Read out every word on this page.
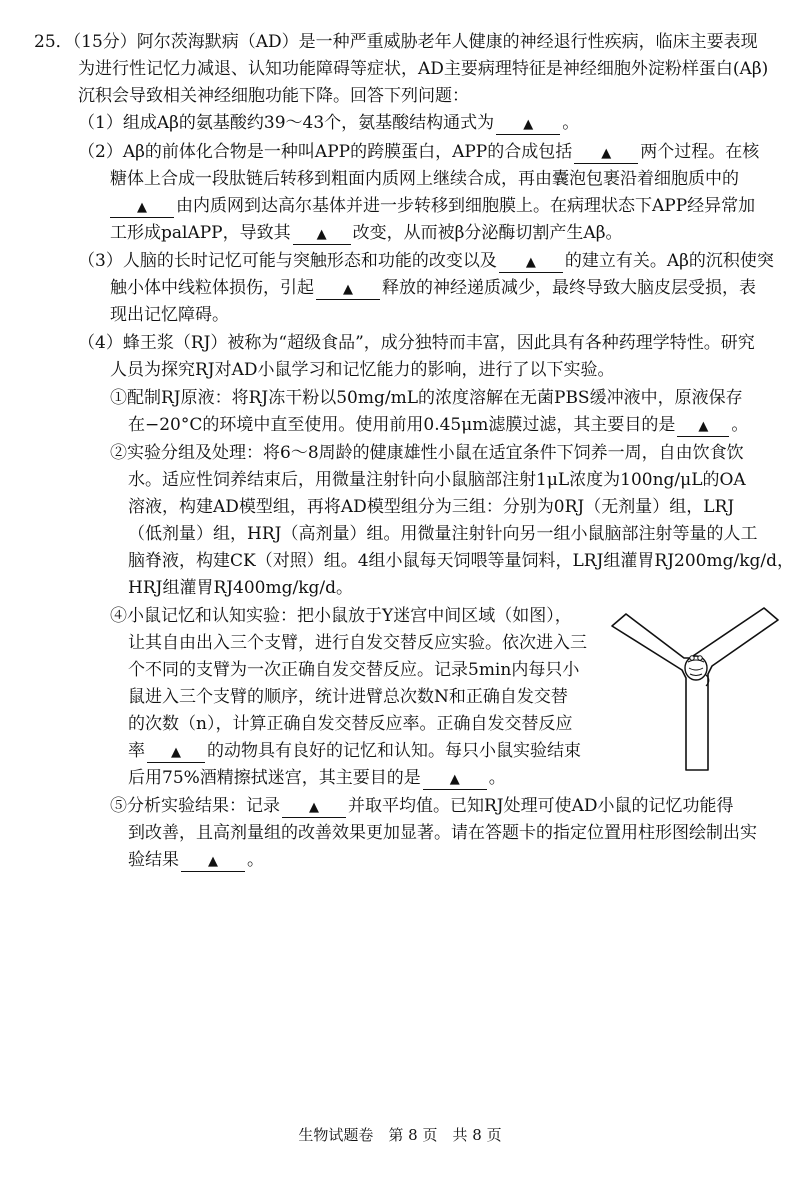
25．（15分）阿尔茨海默病（AD）是一种严重威胁老年人健康的神经退行性疾病，临床主要表现
为进行性记忆力减退、认知功能障碍等症状，AD主要病理特征是神经细胞外淀粉样蛋白(Aβ)
沉积会导致相关神经细胞功能下降。回答下列问题：
（1）组成Aβ的氨基酸约39～43个，氨基酸结构通式为 ▲ 。
（2）Aβ的前体化合物是一种叫APP的跨膜蛋白，APP的合成包括 ▲ 两个过程。在核
糖体上合成一段肽链后转移到粗面内质网上继续合成，再由囊泡包裹沿着细胞质中的
▲ 由内质网到达高尔基体并进一步转移到细胞膜上。在病理状态下APP经异常加
工形成palAPP，导致其 ▲ 改变，从而被β分泌酶切割产生Aβ。
（3）人脑的长时记忆可能与突触形态和功能的改变以及 ▲ 的建立有关。Aβ的沉积使突
触小体中线粒体损伤，引起 ▲ 释放的神经递质减少，最终导致大脑皮层受损，表
现出记忆障碍。
（4）蜂王浆（RJ）被称为“超级食品”，成分独特而丰富，因此具有各种药理学特性。研究
人员为探究RJ对AD小鼠学习和记忆能力的影响，进行了以下实验。
①配制RJ原液：将RJ冻干粉以50mg/mL的浓度溶解在无菌PBS缓冲液中，原液保存
在−20°C的环境中直至使用。使用前用0.45μm滤膜过滤，其主要目的是 ▲ 。
②实验分组及处理：将6～8周龄的健康雄性小鼠在适宜条件下饲养一周，自由饮食饮
水。适应性饲养结束后，用微量注射针向小鼠脑部注射1μL浓度为100ng/μL的OA
溶液，构建AD模型组，再将AD模型组分为三组：分别为0RJ（无剂量）组，LRJ
（低剂量）组，HRJ（高剂量）组。用微量注射针向另一组小鼠脑部注射等量的人工
脑脊液，构建CK（对照）组。4组小鼠每天饲喂等量饲料，LRJ组灌胃RJ200mg/kg/d，
HRJ组灌胃RJ400mg/kg/d。
④小鼠记忆和认知实验：把小鼠放于Y迷宫中间区域（如图），
让其自由出入三个支臂，进行自发交替反应实验。依次进入三
个不同的支臂为一次正确自发交替反应。记录5min内每只小
鼠进入三个支臂的顺序，统计进臂总次数N和正确自发交替
的次数（n），计算正确自发交替反应率。正确自发交替反应
率 ▲ 的动物具有良好的记忆和认知。每只小鼠实验结束
后用75%酒精擦拭迷宫，其主要目的是 ▲ 。
⑤分析实验结果：记录 ▲ 并取平均值。已知RJ处理可使AD小鼠的记忆功能得
到改善，且高剂量组的改善效果更加显著。请在答题卡的指定位置用柱形图绘制出实
验结果 ▲ 。
生物试题卷　第 8 页　共 8 页
